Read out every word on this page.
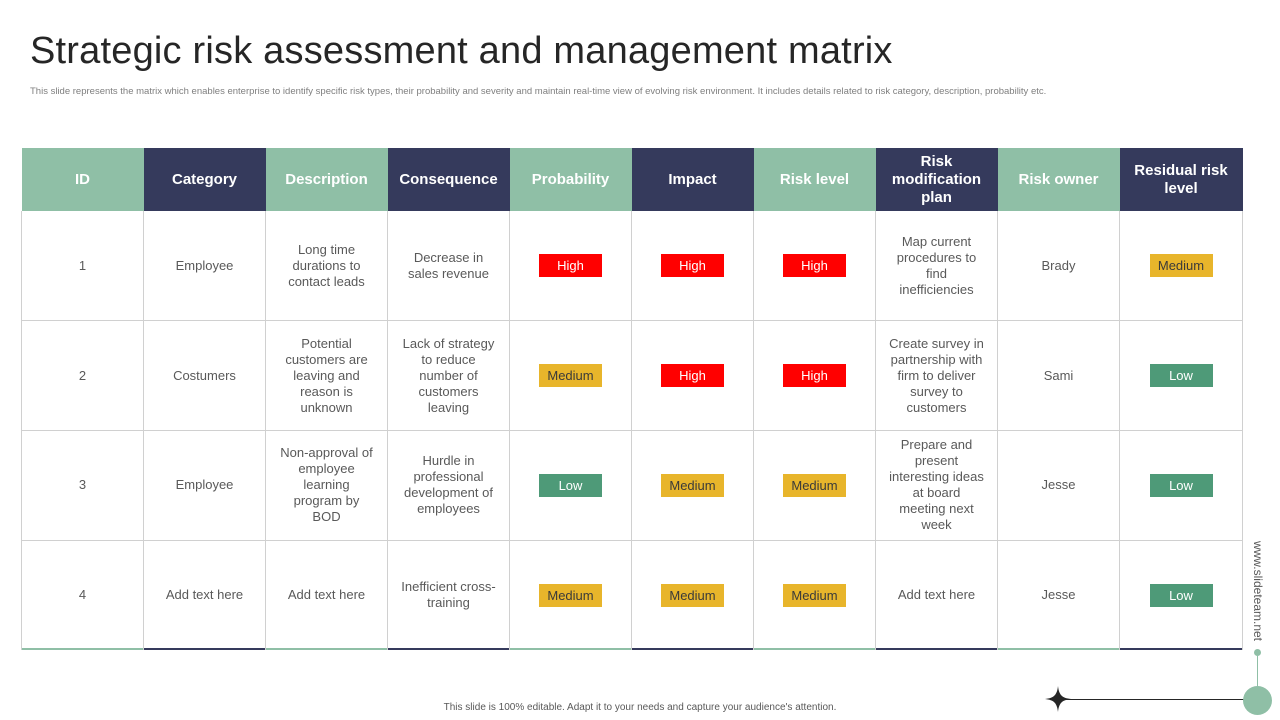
Strategic risk assessment and management matrix

This slide represents the matrix which enables enterprise to identify specific risk types, their probability and severity and maintain real-time view of evolving risk environment. It includes details related to risk category, description, probability etc.

ID	Category	Description	Consequence	Probability	Impact	Risk level	Risk modification plan	Risk owner	Residual risk level
1	Employee	Long time durations to contact leads	Decrease in sales revenue	High	High	High	Map current procedures to find inefficiencies	Brady	Medium
2	Costumers	Potential customers are leaving and reason is unknown	Lack of strategy to reduce number of customers leaving	Medium	High	High	Create survey in partnership with firm to deliver survey to customers	Sami	Low
3	Employee	Non-approval of employee learning program by BOD	Hurdle in professional development of employees	Low	Medium	Medium	Prepare and present interesting ideas at board meeting next week	Jesse	Low
4	Add text here	Add text here	Inefficient cross-training	Medium	Medium	Medium	Add text here	Jesse	Low

This slide is 100% editable. Adapt it to your needs and capture your audience's attention.

www.slideteam.net
